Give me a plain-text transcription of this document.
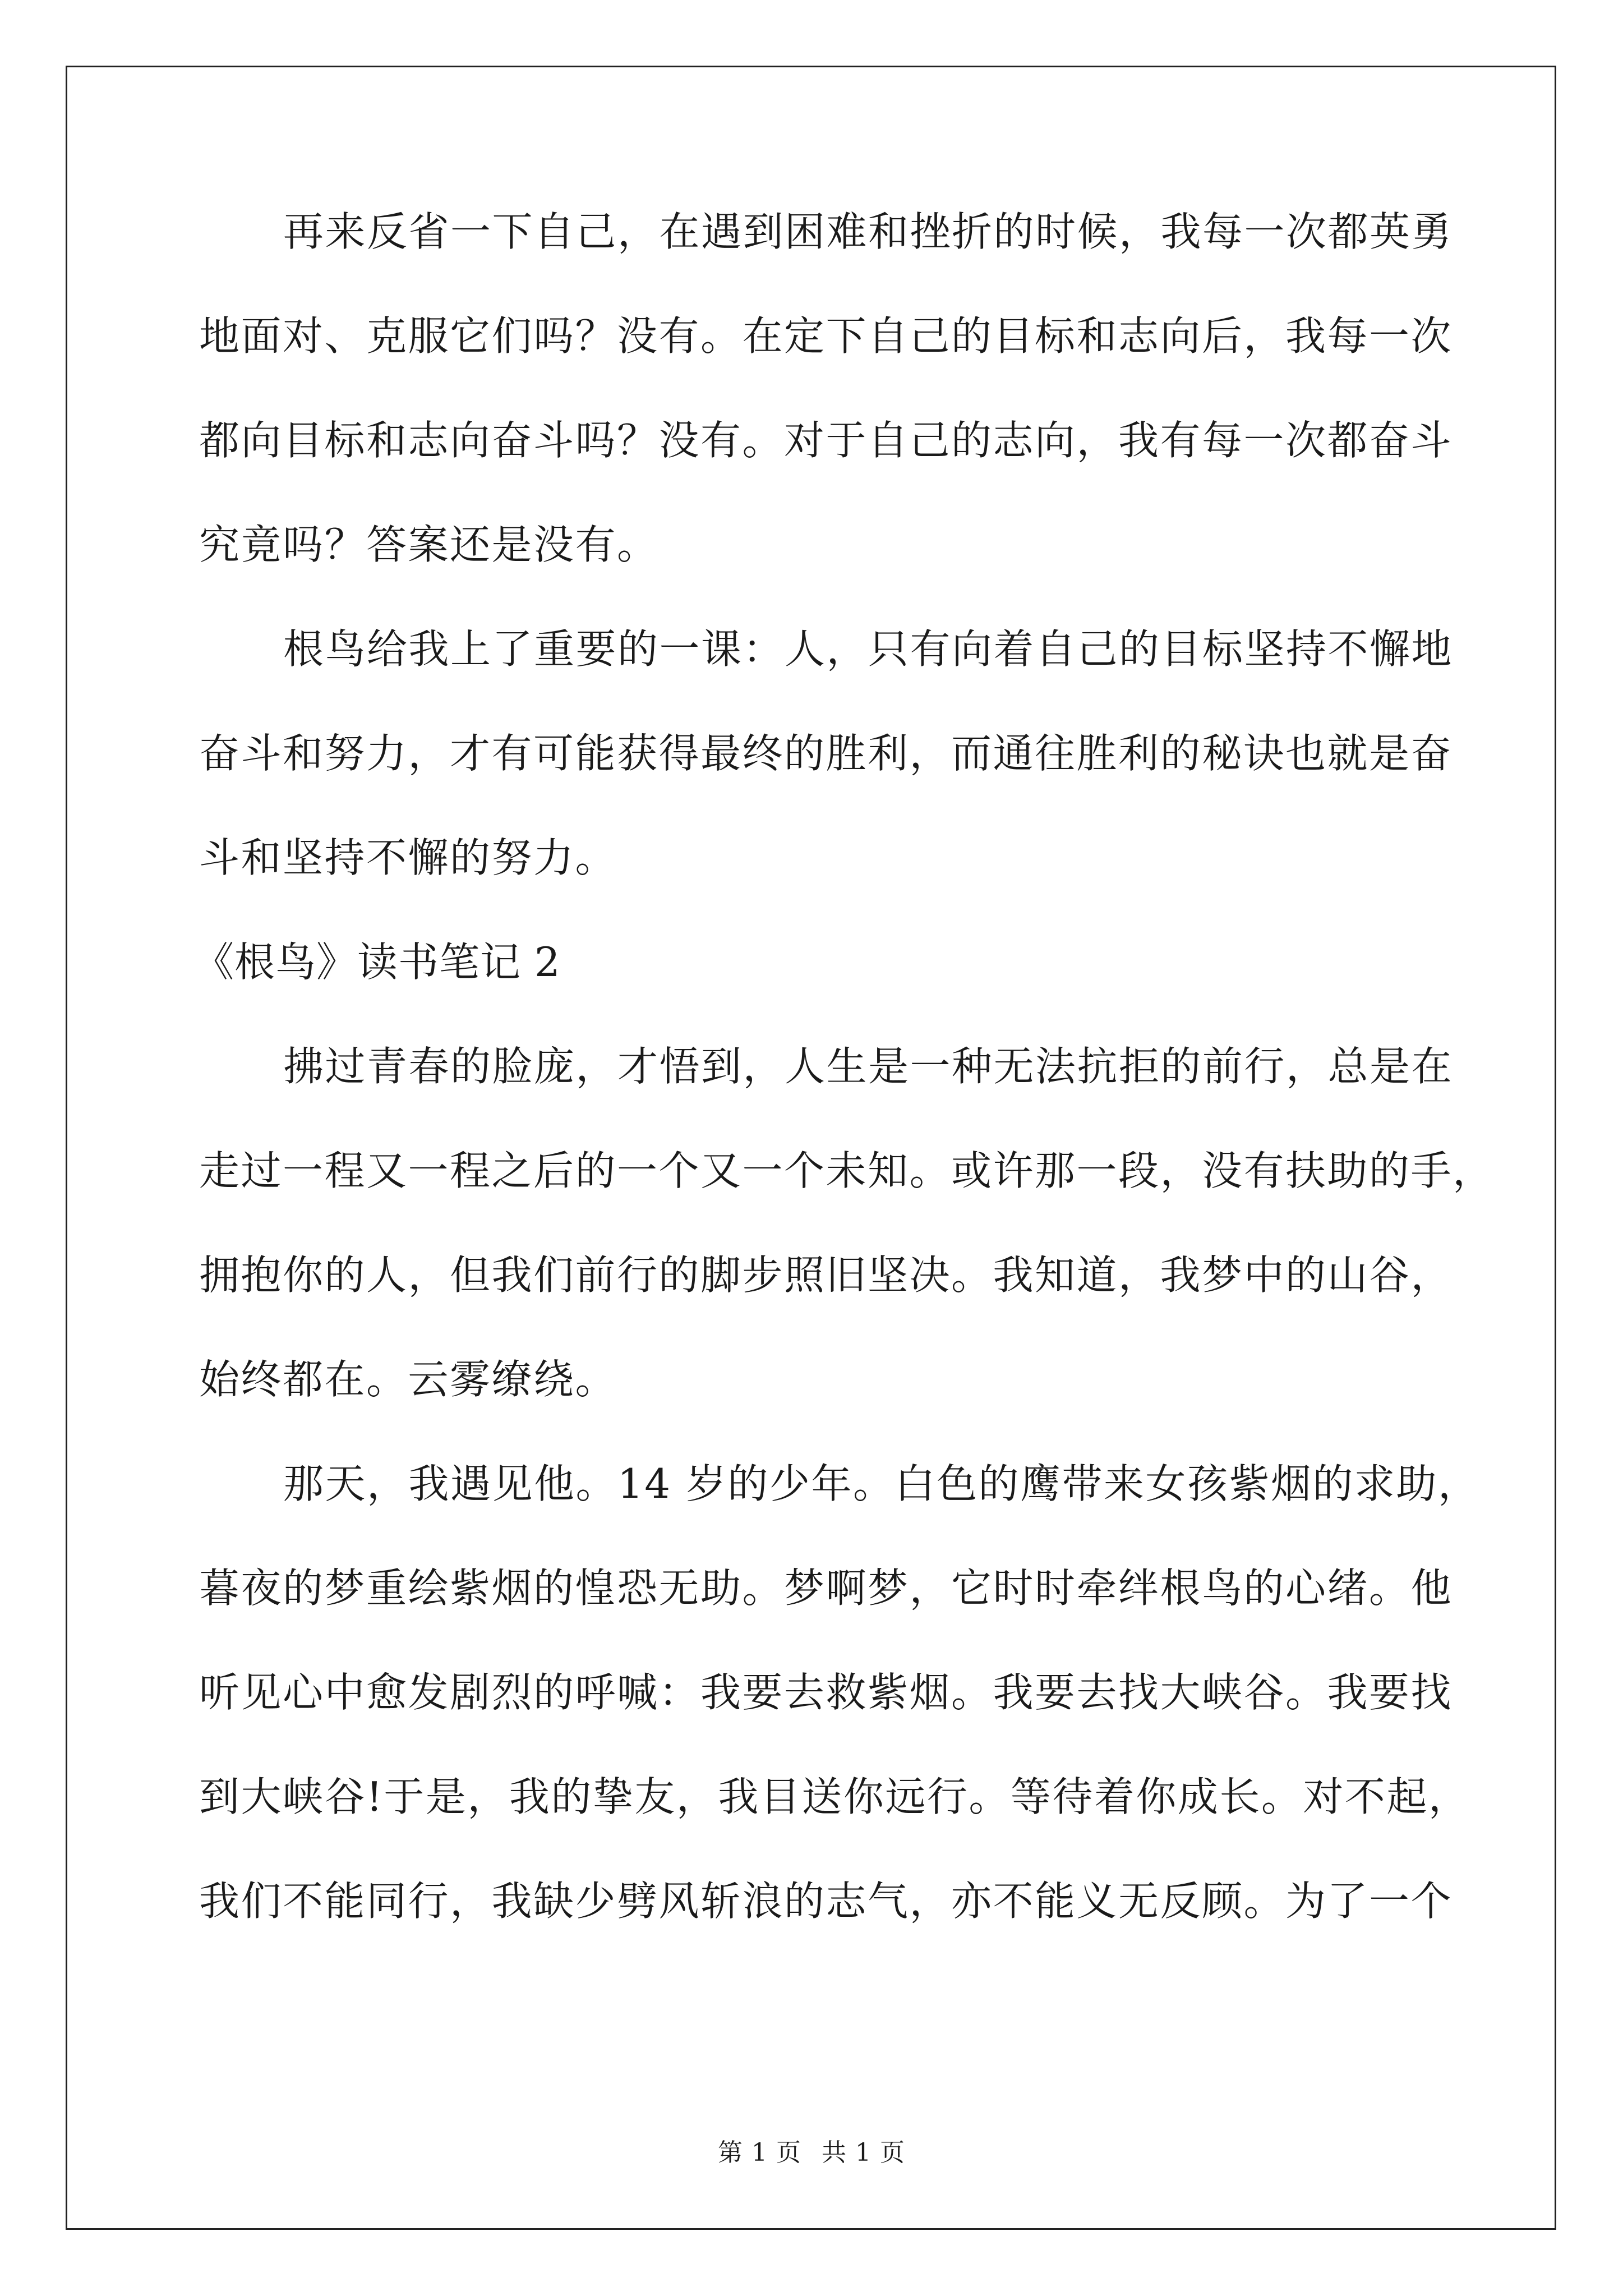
再来反省一下自己，在遇到困难和挫折的时候，我每一次都英勇
地面对、克服它们吗？没有。在定下自己的目标和志向后，我每一次
都向目标和志向奋斗吗？没有。对于自己的志向，我有每一次都奋斗
究竟吗？答案还是没有。
根鸟给我上了重要的一课：人，只有向着自己的目标坚持不懈地
奋斗和努力，才有可能获得最终的胜利，而通往胜利的秘诀也就是奋
斗和坚持不懈的努力。
《根鸟》读书笔记 2
拂过青春的脸庞，才悟到，人生是一种无法抗拒的前行，总是在
走过一程又一程之后的一个又一个未知。或许那一段，没有扶助的手，
拥抱你的人，但我们前行的脚步照旧坚决。我知道，我梦中的山谷，
始终都在。云雾缭绕。
那天，我遇见他。14 岁的少年。白色的鹰带来女孩紫烟的求助，
暮夜的梦重绘紫烟的惶恐无助。梦啊梦，它时时牵绊根鸟的心绪。他
听见心中愈发剧烈的呼喊：我要去救紫烟。我要去找大峡谷。我要找
到大峡谷!于是，我的挚友，我目送你远行。等待着你成长。对不起，
我们不能同行，我缺少劈风斩浪的志气，亦不能义无反顾。为了一个
第 1 页 共 1 页
